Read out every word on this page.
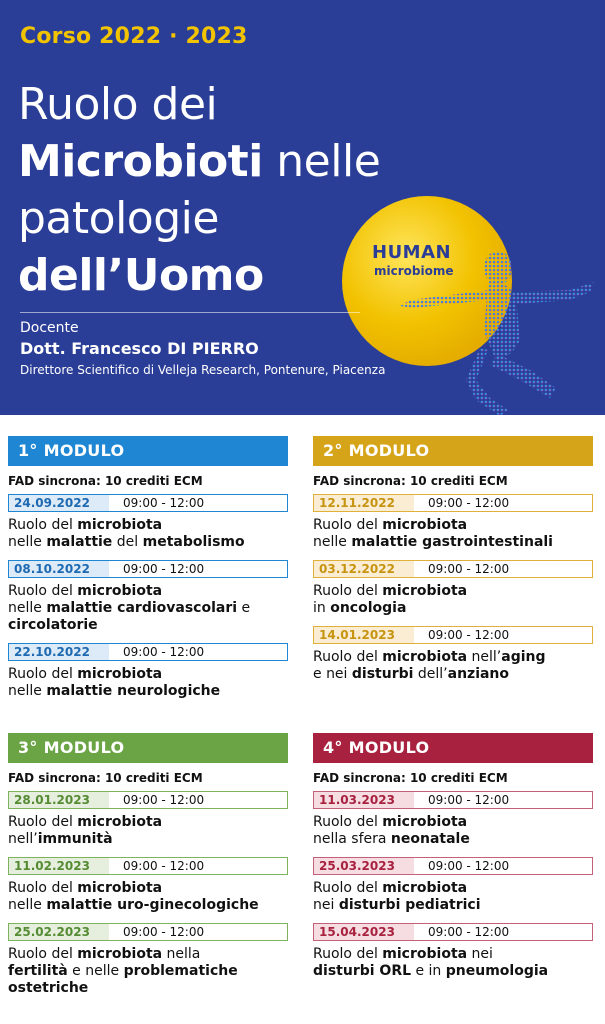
Corso 2022 · 2023
Ruolo dei
Microbioti nelle
patologie
dell’Uomo	HUMAN
microbiome
Docente
Dott. Francesco DI PIERRO
Direttore Scientifico di Velleja Research, Pontenure, Piacenza
1° MODULO
FAD sincrona: 10 crediti ECM
24.09.2022	09:00 - 12:00
Ruolo del microbiota
nelle malattie del metabolismo
08.10.2022	09:00 - 12:00
Ruolo del microbiota
nelle malattie cardiovascolari e
circolatorie
22.10.2022	09:00 - 12:00
Ruolo del microbiota
nelle malattie neurologiche
2° MODULO
FAD sincrona: 10 crediti ECM
12.11.2022	09:00 - 12:00
Ruolo del microbiota
nelle malattie gastrointestinali
03.12.2022	09:00 - 12:00
Ruolo del microbiota
in oncologia
14.01.2023	09:00 - 12:00
Ruolo del microbiota nell’aging
e nei disturbi dell’anziano
3° MODULO
FAD sincrona: 10 crediti ECM
28.01.2023	09:00 - 12:00
Ruolo del microbiota
nell’immunità
11.02.2023	09:00 - 12:00
Ruolo del microbiota
nelle malattie uro-ginecologiche
25.02.2023	09:00 - 12:00
Ruolo del microbiota nella
fertilità e nelle problematiche ostetriche
4° MODULO
FAD sincrona: 10 crediti ECM
11.03.2023	09:00 - 12:00
Ruolo del microbiota
nella sfera neonatale
25.03.2023	09:00 - 12:00
Ruolo del microbiota
nei disturbi pediatrici
15.04.2023	09:00 - 12:00
Ruolo del microbiota nei
disturbi ORL e in pneumologia
